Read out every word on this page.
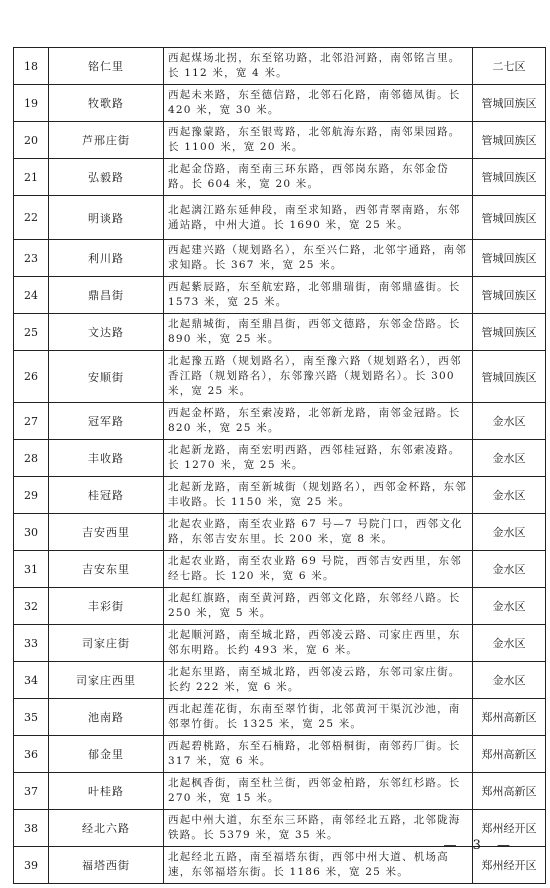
18	铭仁里	西起煤场北拐，东至铭功路，北邻沿河路，南邻铭言里。长 112 米，宽 4 米。	二七区
19	牧歌路	西起未来路，东至德信路，北邻石化路，南邻德凤街。长 420 米，宽 30 米。	管城回族区
20	芦邢庄街	西起豫蒙路，东至银莺路，北邻航海东路，南邻果园路。长 1100 米，宽 20 米。	管城回族区
21	弘毅路	北起金岱路，南至南三环东路，西邻岗东路，东邻金岱路。长 604 米，宽 20 米。	管城回族区
22	明谈路	北起漓江路东延伸段，南至求知路，西邻青翠南路，东邻通站路，中州大道。长 1690 米，宽 25 米。	管城回族区
23	利川路	西起建兴路（规划路名），东至兴仁路，北邻宇通路，南邻求知路。长 367 米，宽 25 米。	管城回族区
24	鼎昌街	西起紫辰路，东至航宏路，北邻鼎瑞街，南邻鼎盛街。长 1573 米，宽 25 米。	管城回族区
25	文达路	北起鼎城街，南至鼎昌街，西邻文德路，东邻金岱路。长 890 米，宽 25 米。	管城回族区
26	安顺街	北起豫五路（规划路名），南至豫六路（规划路名），西邻香江路（规划路名），东邻豫兴路（规划路名）。长 300 米，宽 25 米。	管城回族区
27	冠军路	西起金杯路，东至索凌路，北邻新龙路，南邻金冠路。长 820 米，宽 25 米。	金水区
28	丰收路	北起新龙路，南至宏明西路，西邻桂冠路，东邻索凌路。长 1270 米，宽 25 米。	金水区
29	桂冠路	北起新龙路，南至新城街（规划路名），西邻金杯路，东邻丰收路。长 1150 米，宽 25 米。	金水区
30	吉安西里	北起农业路，南至农业路 67 号—7 号院门口，西邻文化路，东邻吉安东里。长 200 米，宽 8 米。	金水区
31	吉安东里	北起农业路，南至农业路 69 号院，西邻吉安西里，东邻经七路。长 120 米，宽 6 米。	金水区
32	丰彩街	北起红旗路，南至黄河路，西邻文化路，东邻经八路。长 250 米，宽 5 米。	金水区
33	司家庄街	北起顺河路，南至城北路，西邻凌云路、司家庄西里，东邻东明路。长约 493 米，宽 6 米。	金水区
34	司家庄西里	北起东里路，南至城北路，西邻凌云路，东邻司家庄街。长约 222 米，宽 6 米。	金水区
35	池南路	西北起莲花街，东南至翠竹街，北邻黄河干渠沉沙池，南邻翠竹街。长 1325 米，宽 25 米。	郑州高新区
36	郁金里	西起碧桃路，东至石楠路，北邻梧桐街，南邻药厂街。长 317 米，宽 6 米。	郑州高新区
37	叶桂路	北起枫香街，南至杜兰街，西邻金柏路，东邻红杉路。长 270 米，宽 15 米。	郑州高新区
38	经北六路	西起中州大道，东至东三环路，南邻经北五路，北邻陇海铁路。长 5379 米，宽 35 米。	郑州经开区
39	福塔西街	北起经北五路，南至福塔东街，西邻中州大道、机场高速，东邻福塔东街。长 1186 米，宽 25 米。	郑州经开区
— 3 —
